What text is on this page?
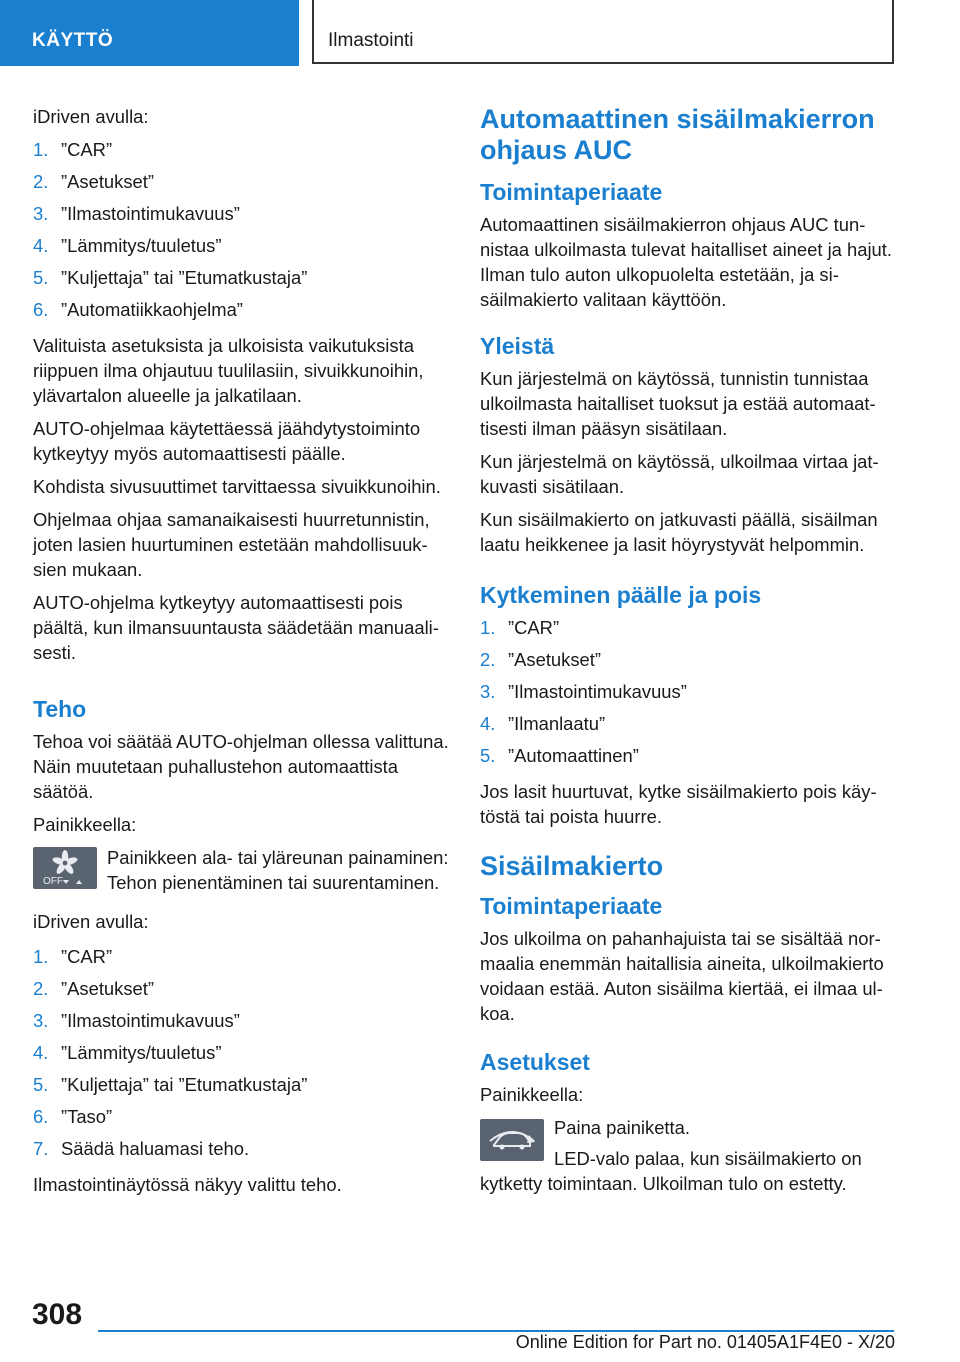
KÄYTTÖ	Ilmastointi

iDriven avulla:

1. ”CAR”
2. ”Asetukset”
3. ”Ilmastointimukavuus”
4. ”Lämmitys/tuuletus”
5. ”Kuljettaja” tai ”Etumatkustaja”
6. ”Automatiikkaohjelma”

Valituista asetuksista ja ulkoisista vaikutuksista riippuen ilma ohjautuu tuulilasiin, sivuikkunoihin, ylävartalon alueelle ja jalkatilaan.

AUTO-ohjelmaa käytettäessä jäähdytystoiminto kytkeytyy myös automaattisesti päälle.

Kohdista sivusuuttimet tarvittaessa sivuikkunoihin.

Ohjelmaa ohjaa samanaikaisesti huurretunnistin, joten lasien huurtuminen estetään mahdollisuuksien mukaan.

AUTO-ohjelma kytkeytyy automaattisesti pois päältä, kun ilmansuuntausta säädetään manuaalisesti.

Teho

Tehoa voi säätää AUTO-ohjelman ollessa valittuna. Näin muutetaan puhallustehon automaattista säätöä.

Painikkeella:

OFF
Painikkeen ala- tai yläreunan painaminen: Tehon pienentäminen tai suurentaminen.

iDriven avulla:

1. ”CAR”
2. ”Asetukset”
3. ”Ilmastointimukavuus”
4. ”Lämmitys/tuuletus”
5. ”Kuljettaja” tai ”Etumatkustaja”
6. ”Taso”
7. Säädä haluamasi teho.

Ilmastointinäytössä näkyy valittu teho.

Automaattinen sisäilmakierron ohjaus AUC
Toimintaperiaate

Automaattinen sisäilmakierron ohjaus AUC tunnistaa ulkoilmasta tulevat haitalliset aineet ja hajut. Ilman tulo auton ulkopuolelta estetään, ja sisäilmakierto valitaan käyttöön.

Yleistä

Kun järjestelmä on käytössä, tunnistin tunnistaa ulkoilmasta haitalliset tuoksut ja estää automaattisesti ilman pääsyn sisätilaan.

Kun järjestelmä on käytössä, ulkoilmaa virtaa jatkuvasti sisätilaan.

Kun sisäilmakierto on jatkuvasti päällä, sisäilman laatu heikkenee ja lasit höyrystyvät helpommin.

Kytkeminen päälle ja pois
1. ”CAR”
2. ”Asetukset”
3. ”Ilmastointimukavuus”
4. ”Ilmanlaatu”
5. ”Automaattinen”

Jos lasit huurtuvat, kytke sisäilmakierto pois käytöstä tai poista huurre.

Sisäilmakierto
Toimintaperiaate

Jos ulkoilma on pahanhajuista tai se sisältää normaalia enemmän haitallisia aineita, ulkoilmakierto voidaan estää. Auton sisäilma kiertää, ei ilmaa ulkoa.

Asetukset

Painikkeella:

Paina painiketta.

LED-valo palaa, kun sisäilmakierto on kytketty toimintaan. Ulkoilman tulo on estetty.
308
Online Edition for Part no. 01405A1F4E0 - X/20
